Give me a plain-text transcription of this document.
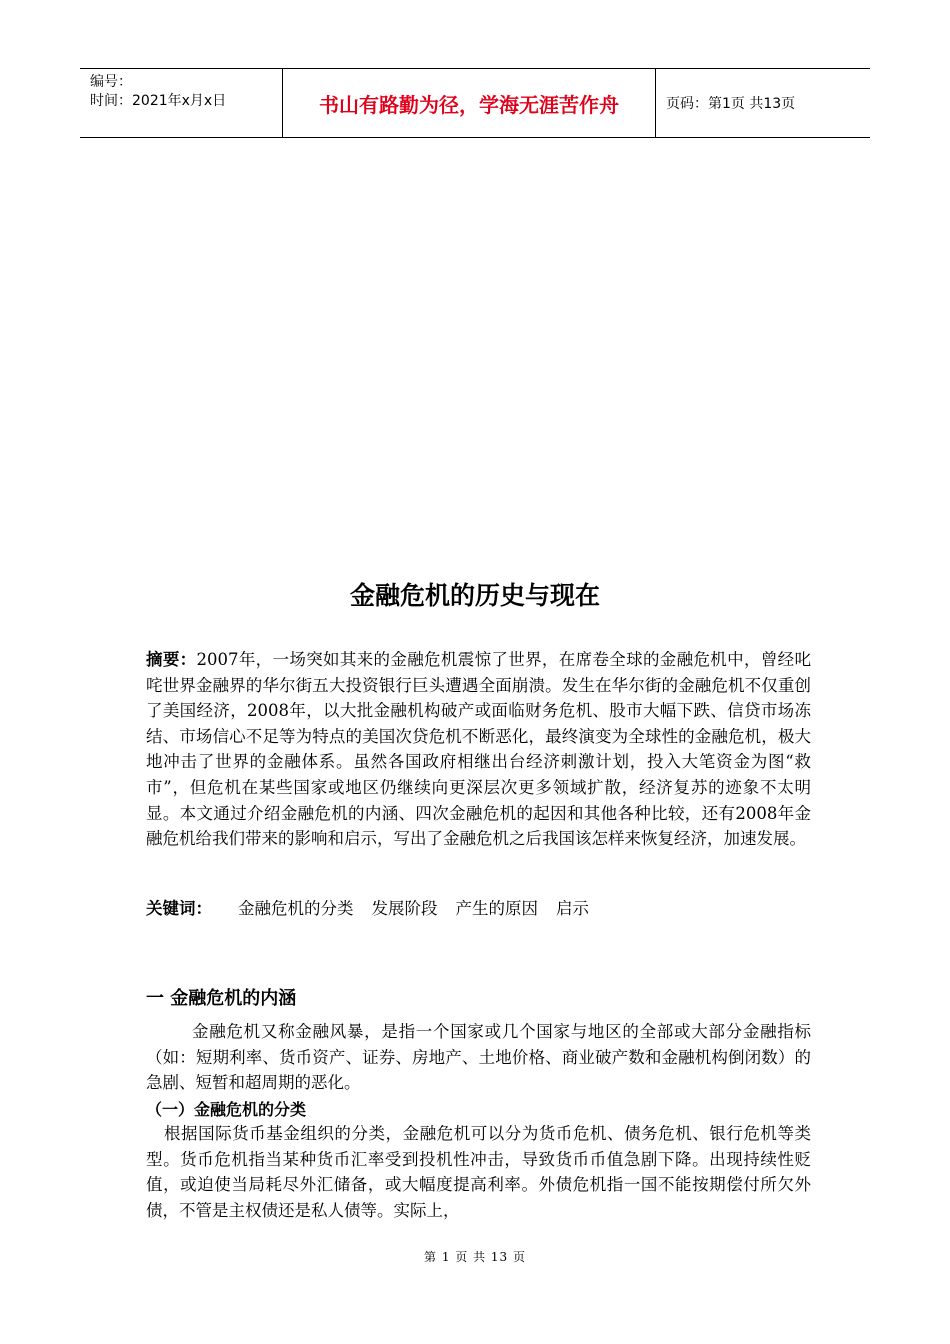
编号：
时间：2021年x月x日	书山有路勤为径，学海无涯苦作舟	页码：第1页 共13页
金融危机的历史与现在
摘要：2007年，一场突如其来的金融危机震惊了世界，在席卷全球的金融危机中，曾经叱咤世界金融界的华尔街五大投资银行巨头遭遇全面崩溃。发生在华尔街的金融危机不仅重创了美国经济，2008年，以大批金融机构破产或面临财务危机、股市大幅下跌、信贷市场冻结、市场信心不足等为特点的美国次贷危机不断恶化，最终演变为全球性的金融危机，极大地冲击了世界的金融体系。虽然各国政府相继出台经济刺激计划，投入大笔资金为图“救市”，但危机在某些国家或地区仍继续向更深层次更多领域扩散，经济复苏的迹象不太明显。本文通过介绍金融危机的内涵、四次金融危机的起因和其他各种比较，还有2008年金融危机给我们带来的影响和启示，写出了金融危机之后我国该怎样来恢复经济，加速发展。
关键词： 金融危机的分类 发展阶段 产生的原因 启示
一 金融危机的内涵
金融危机又称金融风暴，是指一个国家或几个国家与地区的全部或大部分金融指标（如：短期利率、货币资产、证券、房地产、土地价格、商业破产数和金融机构倒闭数）的急剧、短暂和超周期的恶化。
（一）金融危机的分类
根据国际货币基金组织的分类，金融危机可以分为货币危机、债务危机、银行危机等类型。货币危机指当某种货币汇率受到投机性冲击，导致货币币值急剧下降。出现持续性贬值，或迫使当局耗尽外汇储备，或大幅度提高利率。外债危机指一国不能按期偿付所欠外债，不管是主权债还是私人债等。实际上，
第 1 页 共 13 页
